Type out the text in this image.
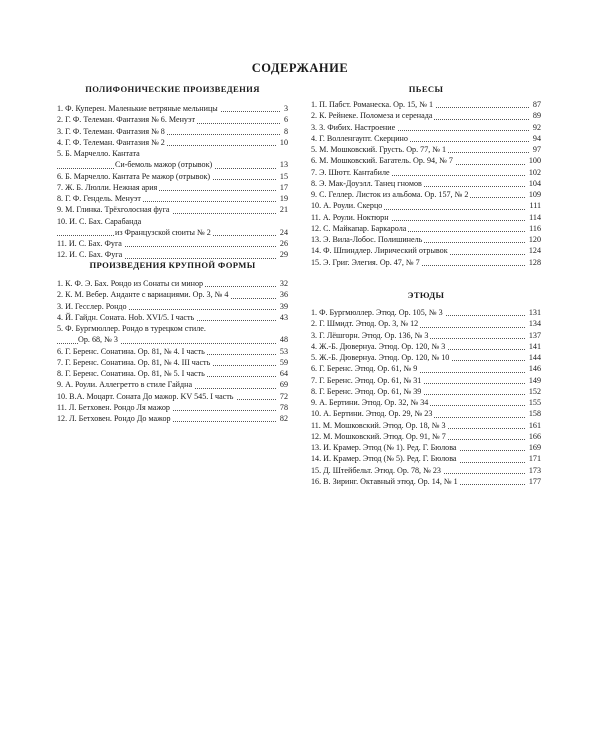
СОДЕРЖАНИЕ
ПОЛИФОНИЧЕСКИЕ ПРОИЗВЕДЕНИЯ
1. Ф. Куперен. Маленькие ветряные мельницы	3
2. Г. Ф. Телеман. Фантазия № 6. Менуэт	6
3. Г. Ф. Телеман. Фантазия № 8	8
4. Г. Ф. Телеман. Фантазия № 2	10
5. Б. Марчелло. Кантата
Си-бемоль мажор (отрывок)	13
6. Б. Марчелло. Кантата Ре мажор (отрывок)	15
7. Ж. Б. Люлли. Нежная ария	17
8. Г. Ф. Гендель. Менуэт	19
9. М. Глинка. Трёхголосная фуга	21
10. И. С. Бах. Сарабанда
из Французской сюиты № 2	24
11. И. С. Бах. Фуга	26
12. И. С. Бах. Фуга	29
ПРОИЗВЕДЕНИЯ КРУПНОЙ ФОРМЫ
1. К. Ф. Э. Бах. Рондо из Сонаты си минор	32
2. К. М. Вебер. Анданте с вариациями. Ор. 3, № 4	36
3. И. Гесслер. Рондо	39
4. Й. Гайдн. Соната. Hob. XVI/5. I часть	43
5. Ф. Бургмюллер. Рондо в турецком стиле.
Ор. 68, № 3	48
6. Г. Беренс. Сонатина. Ор. 81, № 4. I часть	53
7. Г. Беренс. Сонатина. Ор. 81, № 4. III часть	59
8. Г. Беренс. Сонатина. Ор. 81, № 5. I часть	64
9. А. Роули. Аллегретто в стиле Гайдна	69
10. В.А. Моцарт. Соната До мажор. KV 545. I часть	72
11. Л. Бетховен. Рондо Ля мажор	78
12. Л. Бетховен. Рондо До мажор	82
ПЬЕСЫ
1. П. Пабст. Романеска. Ор. 15, № 1	87
2. К. Рейнеке. Поломеза и серенада	89
3. З. Фибих. Настроение	92
4. Г. Волленгаупт. Скерцино	94
5. М. Мошковский. Грусть. Ор. 77, № 1	97
6. М. Мошковский. Багатель. Ор. 94, № 7	100
7. Э. Шютт. Кантабиле	102
8. Э. Мак-Доуэлл. Танец гномов	104
9. С. Геллер. Листок из альбома. Ор. 157, № 2	109
10. А. Роули. Скерцо	111
11. А. Роули. Ноктюрн	114
12. С. Майкапар. Баркарола	116
13. Э. Вила-Лобос. Полишинель	120
14. Ф. Шпиндлер. Лирический отрывок	124
15. Э. Григ. Элегия. Ор. 47, № 7	128
ЭТЮДЫ
1. Ф. Бургмюллер. Этюд. Ор. 105, № 3	131
2. Г. Шмидт. Этюд. Ор. 3, № 12	134
3. Г. Лёшгорн. Этюд. Ор. 136, № 3	137
4. Ж.-Б. Дювернуа. Этюд. Ор. 120, № 3	141
5. Ж.-Б. Дювернуа. Этюд. Ор. 120, № 10	144
6. Г. Беренс. Этюд. Ор. 61, № 9	146
7. Г. Беренс. Этюд. Ор. 61, № 31	149
8. Г. Беренс. Этюд. Ор. 61, № 39	152
9. А. Бертини. Этюд. Ор. 32, № 34	155
10. А. Бертини. Этюд. Ор. 29, № 23	158
11. М. Мошковский. Этюд. Ор. 18, № 3	161
12. М. Мошковский. Этюд. Ор. 91, № 7	166
13. И. Крамер. Этюд (№ 1). Ред. Г. Бюлова	169
14. И. Крамер. Этюд (№ 5). Ред. Г. Бюлова	171
15. Д. Штейбельт. Этюд. Ор. 78, № 23	173
16. В. Зиринг. Октавный этюд. Ор. 14, № 1	177
